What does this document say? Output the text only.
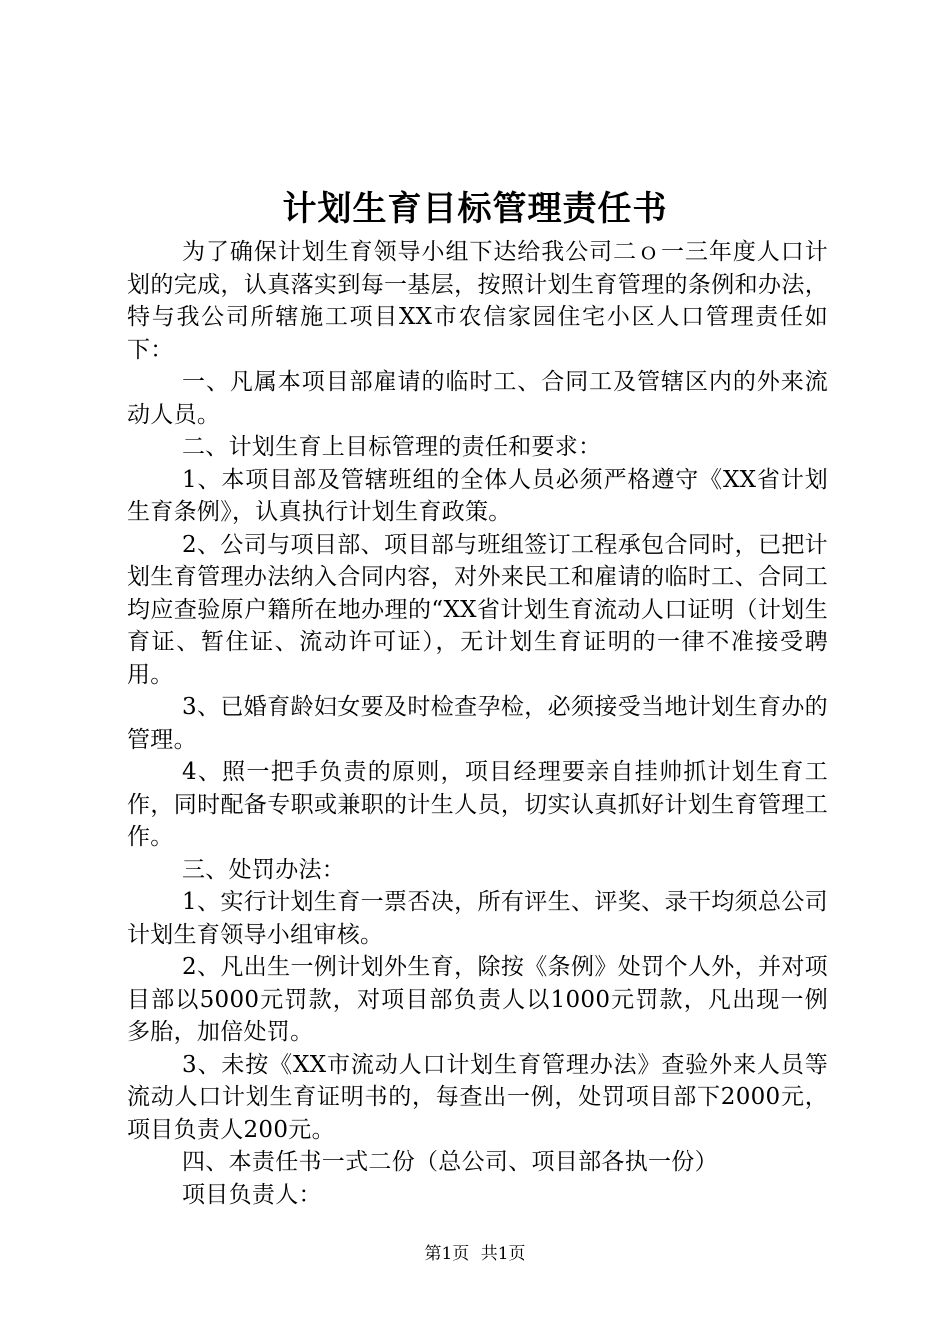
计划生育目标管理责任书

为了确保计划生育领导小组下达给我公司二ｏ一三年度人口计划的完成，认真落实到每一基层，按照计划生育管理的条例和办法，特与我公司所辖施工项目XX市农信家园住宅小区人口管理责任如下：

一、凡属本项目部雇请的临时工、合同工及管辖区内的外来流动人员。

二、计划生育上目标管理的责任和要求：

1、本项目部及管辖班组的全体人员必须严格遵守《XX省计划生育条例》，认真执行计划生育政策。

2、公司与项目部、项目部与班组签订工程承包合同时，已把计划生育管理办法纳入合同内容，对外来民工和雇请的临时工、合同工均应查验原户籍所在地办理的“XX省计划生育流动人口证明（计划生育证、暂住证、流动许可证），无计划生育证明的一律不准接受聘用。

3、已婚育龄妇女要及时检查孕检，必须接受当地计划生育办的管理。

4、照一把手负责的原则，项目经理要亲自挂帅抓计划生育工作，同时配备专职或兼职的计生人员，切实认真抓好计划生育管理工作。

三、处罚办法：

1、实行计划生育一票否决，所有评生、评奖、录干均须总公司计划生育领导小组审核。

2、凡出生一例计划外生育，除按《条例》处罚个人外，并对项目部以5000元罚款，对项目部负责人以1000元罚款，凡出现一例多胎，加倍处罚。

3、未按《XX市流动人口计划生育管理办法》查验外来人员等流动人口计划生育证明书的，每查出一例，处罚项目部下2000元，项目负责人200元。

四、本责任书一式二份（总公司、项目部各执一份）

项目负责人：

第1页 共1页
